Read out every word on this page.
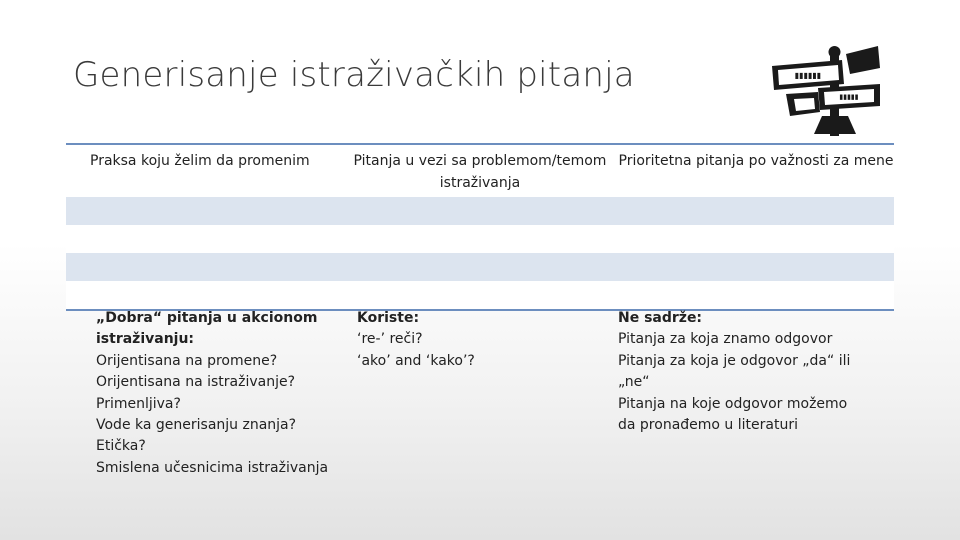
Generisanje istraživačkih pitanja	▮▮▮▮▮▮
▮▮▮▮▮
Praksa koju želim da promenim	Pitanja u vezi sa problemom/temom istraživanja
Prioritetna pitanja po važnosti za mene
„Dobra“ pitanja u akcionom
istraživanju:
Orijentisana na promene?
Orijentisana na istraživanje?
Primenljiva?
Vode ka generisanju znanja?
Etička?
Smislena učesnicima istraživanja
Koriste:
‘re-’ reči?
‘ako’ and ‘kako’?
Ne sadrže:
Pitanja za koja znamo odgovor
Pitanja za koja je odgovor „da“ ili
„ne“
Pitanja na koje odgovor možemo
da pronađemo u literaturi
